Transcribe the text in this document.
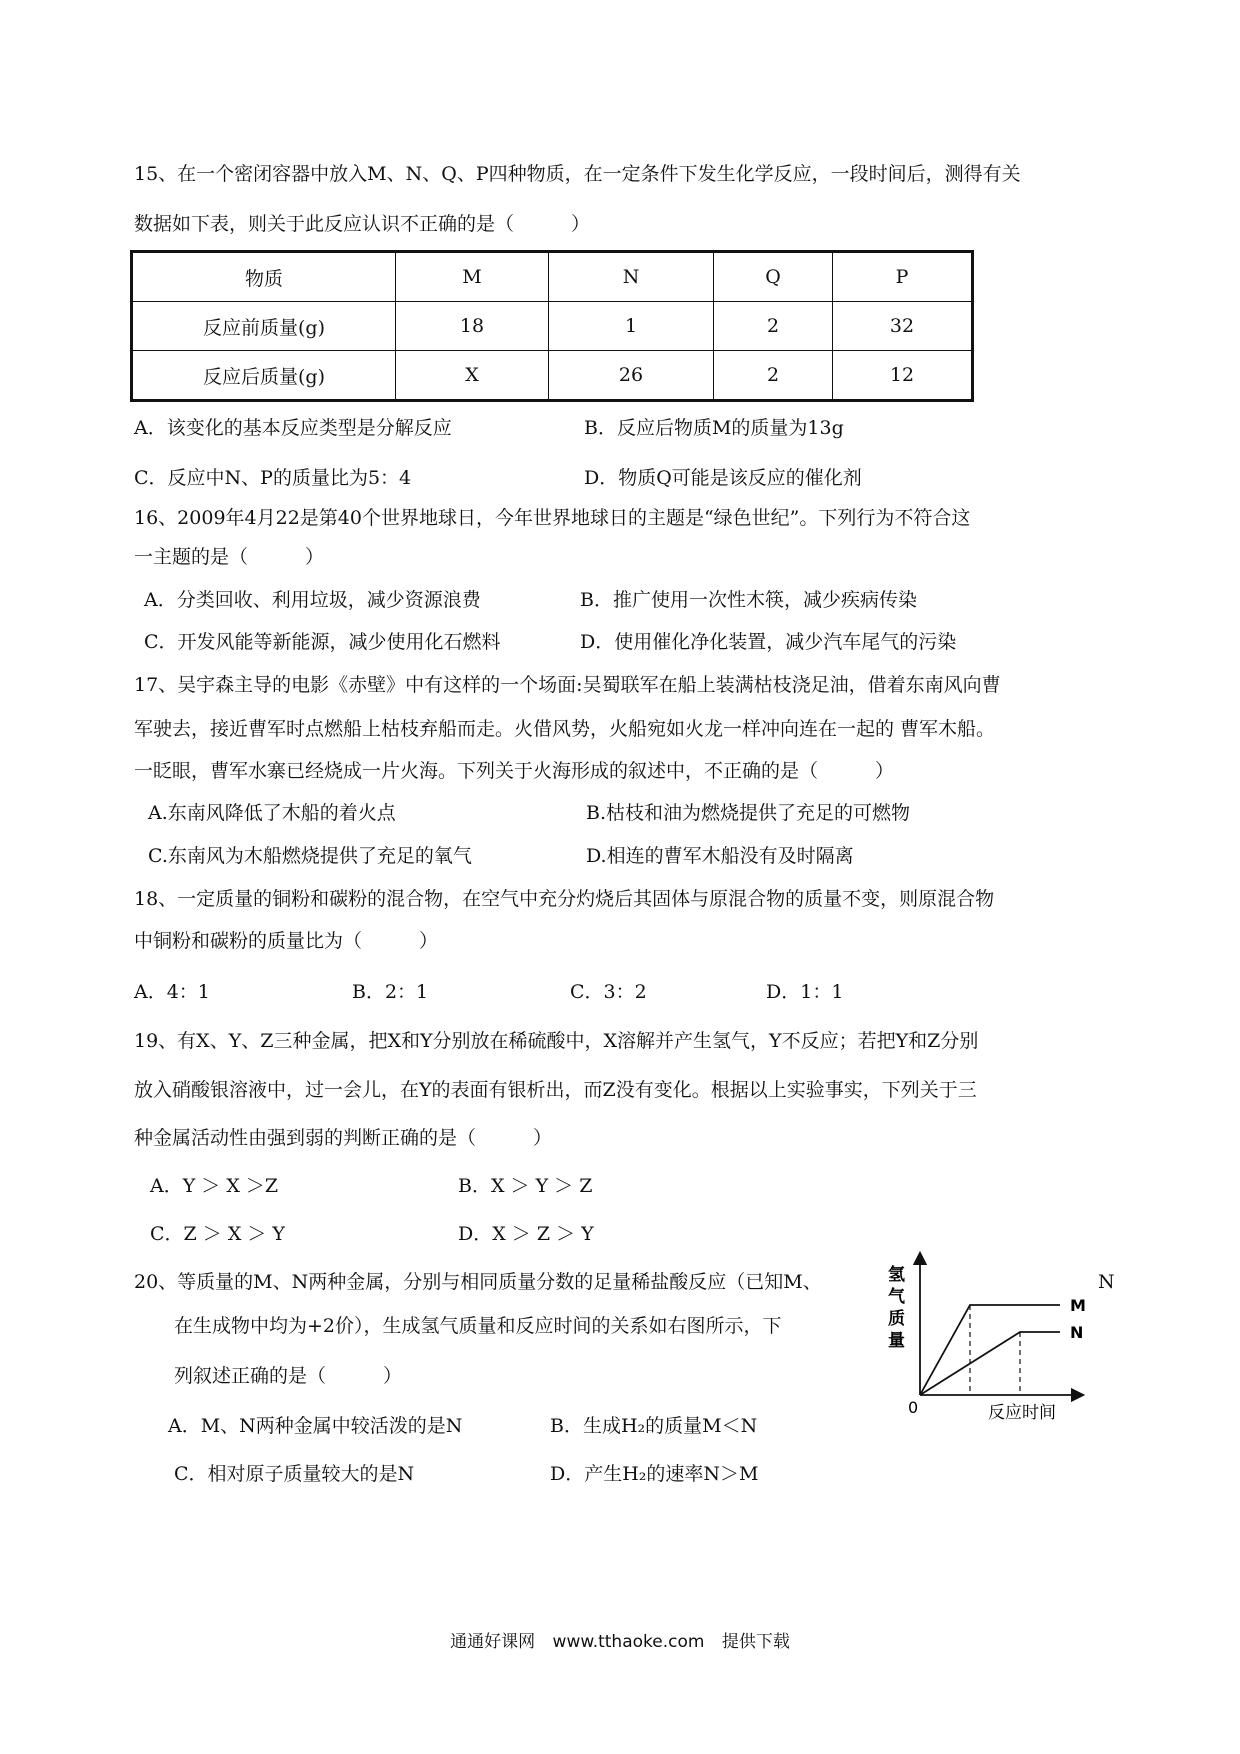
15、在一个密闭容器中放入M、N、Q、P四种物质，在一定条件下发生化学反应，一段时间后，测得有关
数据如下表，则关于此反应认识不正确的是（　　　）
物质	M	N	Q	P
反应前质量(g)	18	1	2	32
反应后质量(g)	X	26	2	12
A．该变化的基本反应类型是分解反应	B．反应后物质M的质量为13g
C．反应中N、P的质量比为5：4	D．物质Q可能是该反应的催化剂
16、2009年4月22是第40个世界地球日，今年世界地球日的主题是“绿色世纪”。下列行为不符合这
一主题的是（　　　）
A．分类回收、利用垃圾，减少资源浪费	B．推广使用一次性木筷，减少疾病传染
C．开发风能等新能源，减少使用化石燃料	D．使用催化净化装置，减少汽车尾气的污染
17、吴宇森主导的电影《赤壁》中有这样的一个场面:吴蜀联军在船上装满枯枝浇足油，借着东南风向曹
军驶去，接近曹军时点燃船上枯枝弃船而走。火借风势，火船宛如火龙一样冲向连在一起的 曹军木船。
一眨眼，曹军水寨已经烧成一片火海。下列关于火海形成的叙述中，不正确的是（　　　）
A.东南风降低了木船的着火点	B.枯枝和油为燃烧提供了充足的可燃物
C.东南风为木船燃烧提供了充足的氧气	D.相连的曹军木船没有及时隔离
18、一定质量的铜粉和碳粉的混合物，在空气中充分灼烧后其固体与原混合物的质量不变，则原混合物
中铜粉和碳粉的质量比为（　　　）
A．4：1	B．2：1	C．3：2	D．1：1
19、有X、Y、Z三种金属，把X和Y分别放在稀硫酸中，X溶解并产生氢气，Y不反应；若把Y和Z分别
放入硝酸银溶液中，过一会儿，在Y的表面有银析出，而Z没有变化。根据以上实验事实，下列关于三
种金属活动性由强到弱的判断正确的是（　　　）
A．Y ＞ X ＞Z	B．X ＞ Y ＞ Z
C．Z ＞ X ＞ Y	D．X ＞ Z ＞ Y
20、等质量的M、N两种金属，分别与相同质量分数的足量稀盐酸反应（已知M、	N
在生成物中均为+2价），生成氢气质量和反应时间的关系如右图所示，下
列叙述正确的是（　　　）
A．M、N两种金属中较活泼的是N	B．生成H₂的质量M＜N
C．相对原子质量较大的是N	D．产生H₂的速率N＞M
M
N
氢
气
质
量
0	反应时间
通通好课网 www.tthaoke.com 提供下载
